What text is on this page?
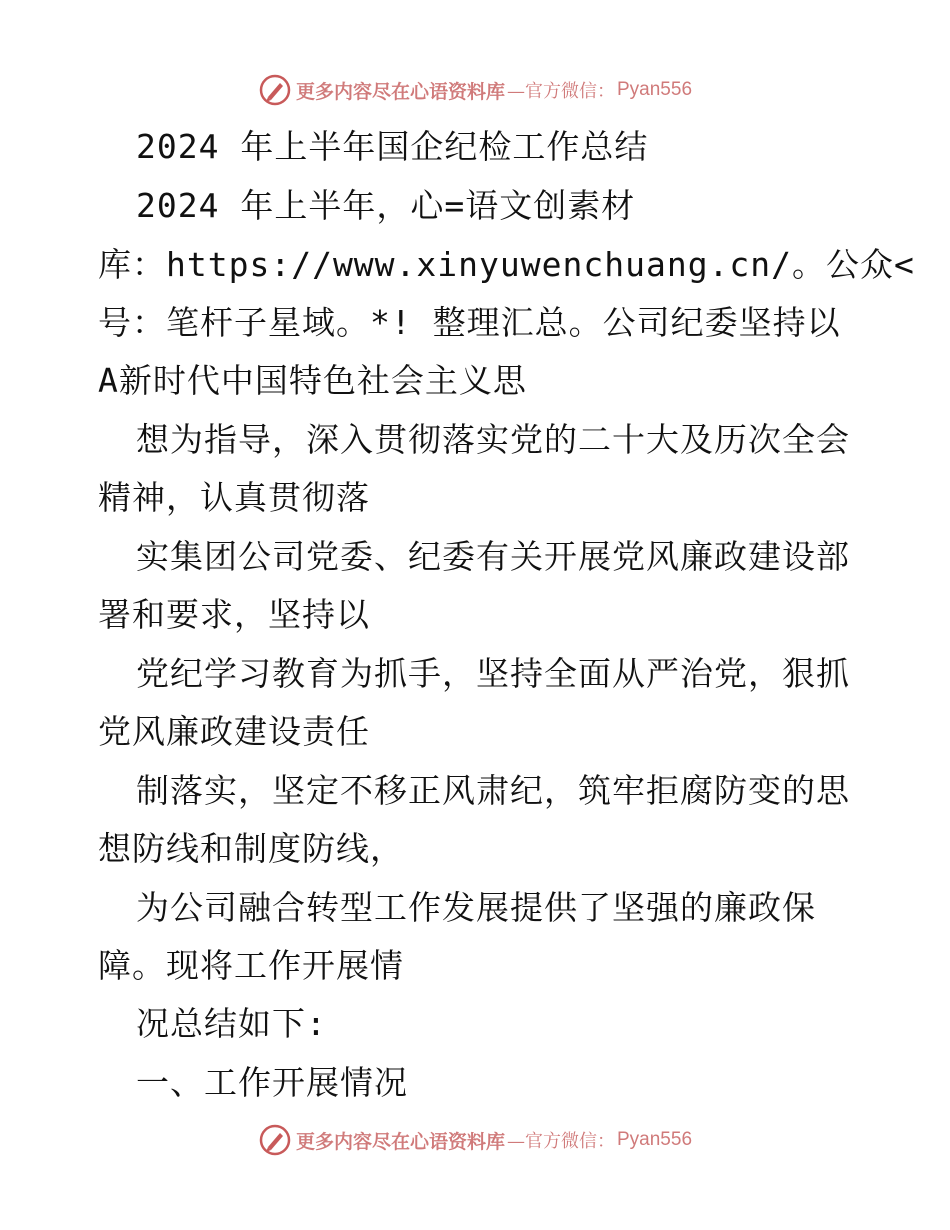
更多内容尽在心语资料库 —官方微信： Pyan556
2024 年上半年国企纪检工作总结
2024 年上半年，心=语文创素材
库：https://www.xinyuwenchuang.cn/。公众<
号：笔杆子星域。*! 整理汇总。公司纪委坚持以
A新时代中国特色社会主义思
想为指导，深入贯彻落实党的二十大及历次全会
精神，认真贯彻落
实集团公司党委、纪委有关开展党风廉政建设部
署和要求，坚持以
党纪学习教育为抓手，坚持全面从严治党，狠抓
党风廉政建设责任
制落实，坚定不移正风肃纪，筑牢拒腐防变的思
想防线和制度防线，
为公司融合转型工作发展提供了坚强的廉政保
障。现将工作开展情
况总结如下:
一、工作开展情况
更多内容尽在心语资料库 —官方微信： Pyan556
